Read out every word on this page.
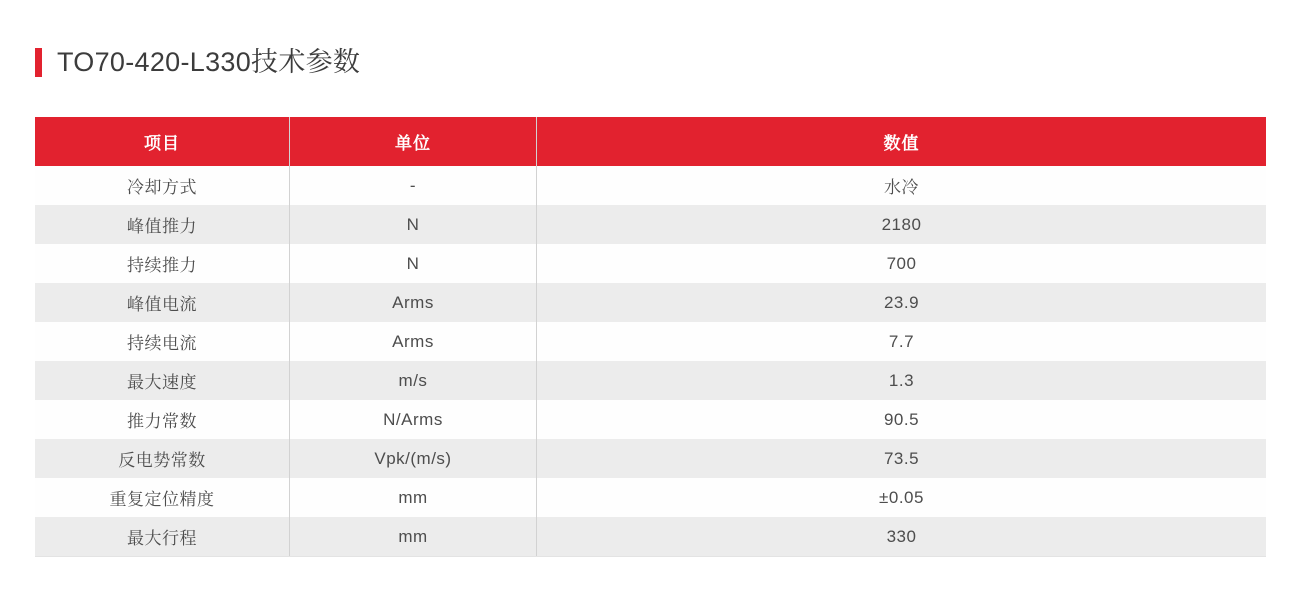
TO70-420-L330技术参数
项目	单位	数值
冷却方式	-	水冷
峰值推力	N	2180
持续推力	N	700
峰值电流	Arms	23.9
持续电流	Arms	7.7
最大速度	m/s	1.3
推力常数	N/Arms	90.5
反电势常数	Vpk/(m/s)	73.5
重复定位精度	mm	±0.05
最大行程	mm	330
